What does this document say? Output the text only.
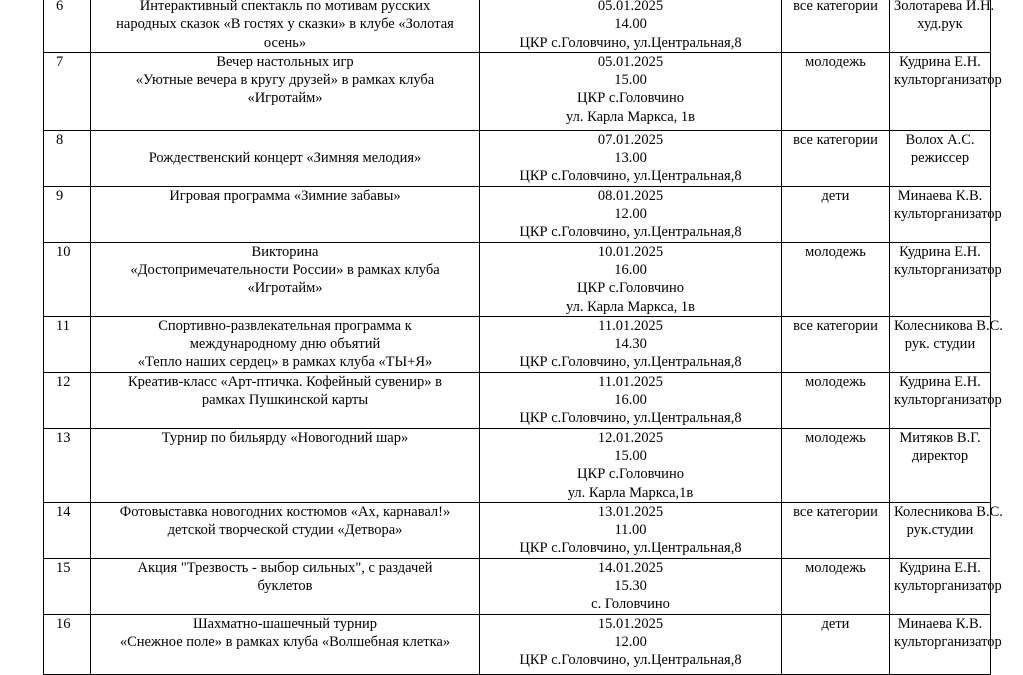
6	Интерактивный спектакль по мотивам русских
народных сказок «В гостях у сказки» в клубе «Золотая
осень»	05.01.2025
14.00
ЦКР с.Головчино, ул.Центральная,8	все категории	Золотарева И.Н.
худ.рук

7	Вечер настольных игр
«Уютные вечера в кругу друзей» в рамках клуба
«Игротайм»	05.01.2025
15.00
ЦКР с.Головчино
ул. Карла Маркса, 1в	молодежь	Кудрина Е.Н.
культорганизатор

8	Рождественский концерт «Зимняя мелодия»	07.01.2025
13.00
ЦКР с.Головчино, ул.Центральная,8	все категории	Волох А.С.
режиссер

9	Игровая программа «Зимние забавы»	08.01.2025
12.00
ЦКР с.Головчино, ул.Центральная,8	дети	Минаева К.В.
культорганизатор

10	Викторина
«Достопримечательности России» в рамках клуба
«Игротайм»	10.01.2025
16.00
ЦКР с.Головчино
ул. Карла Маркса, 1в	молодежь	Кудрина Е.Н.
культорганизатор

11	Спортивно-развлекательная программа к
международному дню объятий
«Тепло наших сердец» в рамках клуба «ТЫ+Я»	11.01.2025
14.30
ЦКР с.Головчино, ул.Центральная,8	все категории	Колесникова В.С.
рук. студии

12	Креатив-класс «Арт-птичка. Кофейный сувенир» в
рамках Пушкинской карты	11.01.2025
16.00
ЦКР с.Головчино, ул.Центральная,8	молодежь	Кудрина Е.Н.
культорганизатор

13	Турнир по бильярду «Новогодний шар»	12.01.2025
15.00
ЦКР с.Головчино
ул. Карла Маркса,1в	молодежь	Митяков В.Г.
директор

14	Фотовыставка новогодних костюмов «Ах, карнавал!»
детской творческой студии «Детвора»	13.01.2025
11.00
ЦКР с.Головчино, ул.Центральная,8	все категории	Колесникова В.С.
рук.студии

15	Акция "Трезвость - выбор сильных", с раздачей
буклетов	14.01.2025
15.30
с. Головчино	молодежь	Кудрина Е.Н.
культорганизатор

16	Шахматно-шашечный турнир
«Снежное поле» в рамках клуба «Волшебная клетка»	15.01.2025
12.00
ЦКР с.Головчино, ул.Центральная,8	дети	Минаева К.В.
культорганизатор
